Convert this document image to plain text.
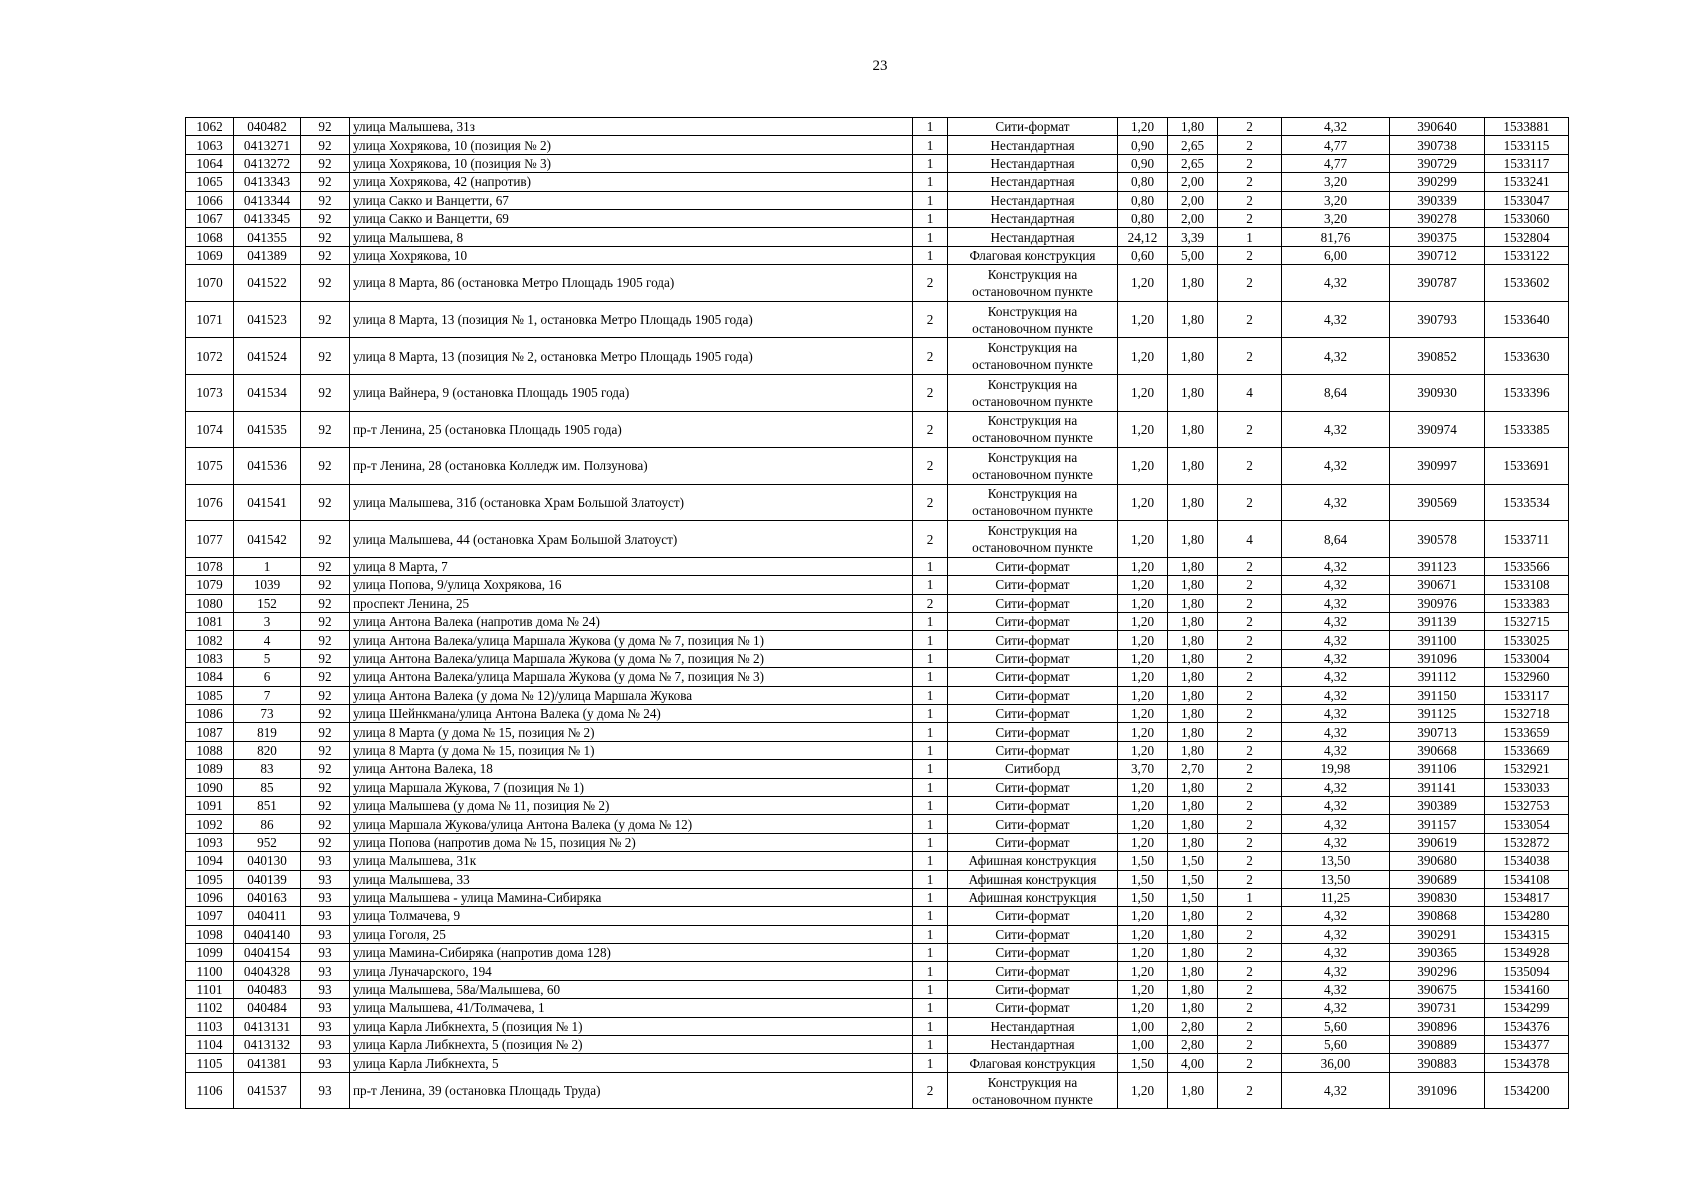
23
1062	040482	92	улица Малышева, 31з	1	Сити-формат	1,20	1,80	2	4,32	390640	1533881
1063	0413271	92	улица Хохрякова, 10 (позиция № 2)	1	Нестандартная	0,90	2,65	2	4,77	390738	1533115
1064	0413272	92	улица Хохрякова, 10 (позиция № 3)	1	Нестандартная	0,90	2,65	2	4,77	390729	1533117
1065	0413343	92	улица Хохрякова, 42 (напротив)	1	Нестандартная	0,80	2,00	2	3,20	390299	1533241
1066	0413344	92	улица Сакко и Ванцетти, 67	1	Нестандартная	0,80	2,00	2	3,20	390339	1533047
1067	0413345	92	улица Сакко и Ванцетти, 69	1	Нестандартная	0,80	2,00	2	3,20	390278	1533060
1068	041355	92	улица Малышева, 8	1	Нестандартная	24,12	3,39	1	81,76	390375	1532804
1069	041389	92	улица Хохрякова, 10	1	Флаговая конструкция	0,60	5,00	2	6,00	390712	1533122
1070	041522	92	улица 8 Марта, 86 (остановка Метро Площадь 1905 года)	2	Конструкция на остановочном пункте	1,20	1,80	2	4,32	390787	1533602
1071	041523	92	улица 8 Марта, 13 (позиция № 1, остановка Метро Площадь 1905 года)	2	Конструкция на остановочном пункте	1,20	1,80	2	4,32	390793	1533640
1072	041524	92	улица 8 Марта, 13 (позиция № 2, остановка Метро Площадь 1905 года)	2	Конструкция на остановочном пункте	1,20	1,80	2	4,32	390852	1533630
1073	041534	92	улица Вайнера, 9 (остановка Площадь 1905 года)	2	Конструкция на остановочном пункте	1,20	1,80	4	8,64	390930	1533396
1074	041535	92	пр-т Ленина, 25 (остановка Площадь 1905 года)	2	Конструкция на остановочном пункте	1,20	1,80	2	4,32	390974	1533385
1075	041536	92	пр-т Ленина, 28 (остановка Колледж им. Ползунова)	2	Конструкция на остановочном пункте	1,20	1,80	2	4,32	390997	1533691
1076	041541	92	улица Малышева, 31б (остановка Храм Большой Златоуст)	2	Конструкция на остановочном пункте	1,20	1,80	2	4,32	390569	1533534
1077	041542	92	улица Малышева, 44 (остановка Храм Большой Златоуст)	2	Конструкция на остановочном пункте	1,20	1,80	4	8,64	390578	1533711
1078	1	92	улица 8 Марта, 7	1	Сити-формат	1,20	1,80	2	4,32	391123	1533566
1079	1039	92	улица Попова, 9/улица Хохрякова, 16	1	Сити-формат	1,20	1,80	2	4,32	390671	1533108
1080	152	92	проспект Ленина, 25	2	Сити-формат	1,20	1,80	2	4,32	390976	1533383
1081	3	92	улица Антона Валека (напротив дома № 24)	1	Сити-формат	1,20	1,80	2	4,32	391139	1532715
1082	4	92	улица Антона Валека/улица Маршала Жукова (у дома № 7, позиция № 1)	1	Сити-формат	1,20	1,80	2	4,32	391100	1533025
1083	5	92	улица Антона Валека/улица Маршала Жукова (у дома № 7, позиция № 2)	1	Сити-формат	1,20	1,80	2	4,32	391096	1533004
1084	6	92	улица Антона Валека/улица Маршала Жукова (у дома № 7, позиция № 3)	1	Сити-формат	1,20	1,80	2	4,32	391112	1532960
1085	7	92	улица Антона Валека (у дома № 12)/улица Маршала Жукова	1	Сити-формат	1,20	1,80	2	4,32	391150	1533117
1086	73	92	улица Шейнкмана/улица Антона Валека (у дома № 24)	1	Сити-формат	1,20	1,80	2	4,32	391125	1532718
1087	819	92	улица 8 Марта (у дома № 15, позиция № 2)	1	Сити-формат	1,20	1,80	2	4,32	390713	1533659
1088	820	92	улица 8 Марта (у дома № 15, позиция № 1)	1	Сити-формат	1,20	1,80	2	4,32	390668	1533669
1089	83	92	улица Антона Валека, 18	1	Ситиборд	3,70	2,70	2	19,98	391106	1532921
1090	85	92	улица Маршала Жукова, 7 (позиция № 1)	1	Сити-формат	1,20	1,80	2	4,32	391141	1533033
1091	851	92	улица Малышева (у дома № 11, позиция № 2)	1	Сити-формат	1,20	1,80	2	4,32	390389	1532753
1092	86	92	улица Маршала Жукова/улица Антона Валека (у дома № 12)	1	Сити-формат	1,20	1,80	2	4,32	391157	1533054
1093	952	92	улица Попова (напротив дома № 15, позиция № 2)	1	Сити-формат	1,20	1,80	2	4,32	390619	1532872
1094	040130	93	улица Малышева, 31к	1	Афишная конструкция	1,50	1,50	2	13,50	390680	1534038
1095	040139	93	улица Малышева, 33	1	Афишная конструкция	1,50	1,50	2	13,50	390689	1534108
1096	040163	93	улица Малышева - улица Мамина-Сибиряка	1	Афишная конструкция	1,50	1,50	1	11,25	390830	1534817
1097	040411	93	улица Толмачева, 9	1	Сити-формат	1,20	1,80	2	4,32	390868	1534280
1098	0404140	93	улица Гоголя, 25	1	Сити-формат	1,20	1,80	2	4,32	390291	1534315
1099	0404154	93	улица Мамина-Сибиряка (напротив дома 128)	1	Сити-формат	1,20	1,80	2	4,32	390365	1534928
1100	0404328	93	улица Луначарского, 194	1	Сити-формат	1,20	1,80	2	4,32	390296	1535094
1101	040483	93	улица Малышева, 58а/Малышева, 60	1	Сити-формат	1,20	1,80	2	4,32	390675	1534160
1102	040484	93	улица Малышева, 41/Толмачева, 1	1	Сити-формат	1,20	1,80	2	4,32	390731	1534299
1103	0413131	93	улица Карла Либкнехта, 5 (позиция № 1)	1	Нестандартная	1,00	2,80	2	5,60	390896	1534376
1104	0413132	93	улица Карла Либкнехта, 5 (позиция № 2)	1	Нестандартная	1,00	2,80	2	5,60	390889	1534377
1105	041381	93	улица Карла Либкнехта, 5	1	Флаговая конструкция	1,50	4,00	2	36,00	390883	1534378
1106	041537	93	пр-т Ленина, 39 (остановка Площадь Труда)	2	Конструкция на остановочном пункте	1,20	1,80	2	4,32	391096	1534200
